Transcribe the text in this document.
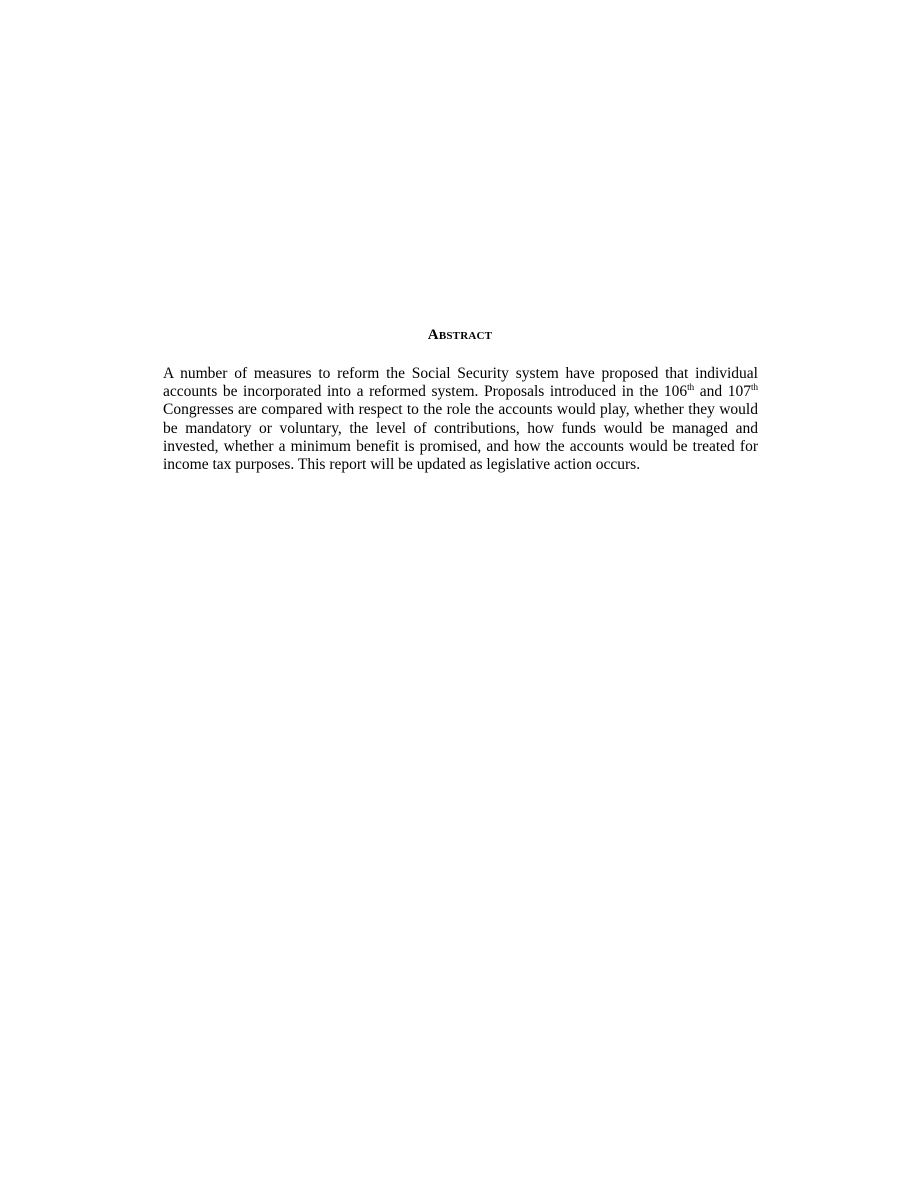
Abstract

A number of measures to reform the Social Security system have proposed that individual accounts be incorporated into a reformed system. Proposals introduced in the 106th and 107th Congresses are compared with respect to the role the accounts would play, whether they would be mandatory or voluntary, the level of contributions, how funds would be managed and invested, whether a minimum benefit is promised, and how the accounts would be treated for income tax purposes. This report will be updated as legislative action occurs.
